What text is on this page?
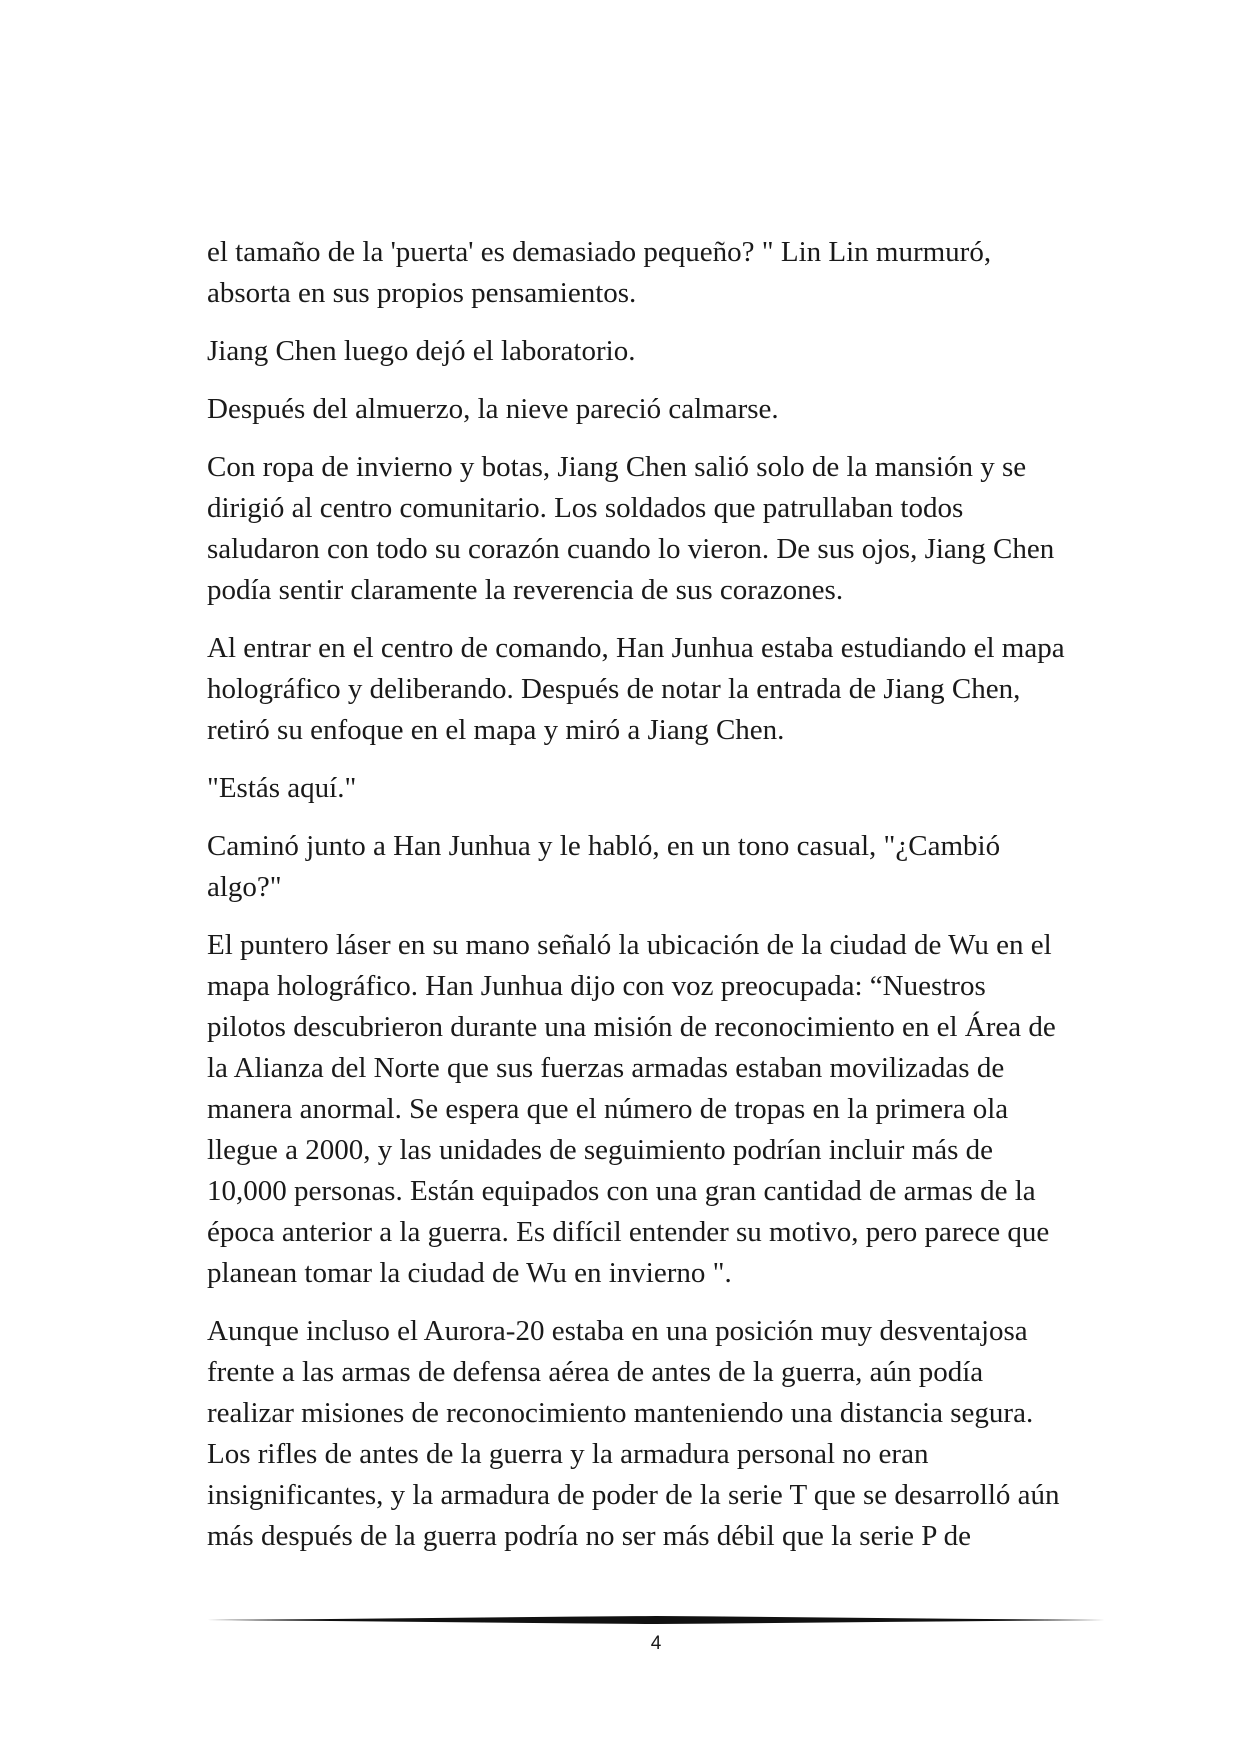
el tamaño de la 'puerta' es demasiado pequeño? " Lin Lin murmuró, absorta en sus propios pensamientos.

Jiang Chen luego dejó el laboratorio.

Después del almuerzo, la nieve pareció calmarse.

Con ropa de invierno y botas, Jiang Chen salió solo de la mansión y se dirigió al centro comunitario. Los soldados que patrullaban todos saludaron con todo su corazón cuando lo vieron. De sus ojos, Jiang Chen podía sentir claramente la reverencia de sus corazones.

Al entrar en el centro de comando, Han Junhua estaba estudiando el mapa holográfico y deliberando. Después de notar la entrada de Jiang Chen, retiró su enfoque en el mapa y miró a Jiang Chen.

"Estás aquí."

Caminó junto a Han Junhua y le habló, en un tono casual, "¿Cambió algo?"

El puntero láser en su mano señaló la ubicación de la ciudad de Wu en el mapa holográfico. Han Junhua dijo con voz preocupada: “Nuestros pilotos descubrieron durante una misión de reconocimiento en el Área de la Alianza del Norte que sus fuerzas armadas estaban movilizadas de manera anormal. Se espera que el número de tropas en la primera ola llegue a 2000, y las unidades de seguimiento podrían incluir más de 10,000 personas. Están equipados con una gran cantidad de armas de la época anterior a la guerra. Es difícil entender su motivo, pero parece que planean tomar la ciudad de Wu en invierno ".

Aunque incluso el Aurora-20 estaba en una posición muy desventajosa frente a las armas de defensa aérea de antes de la guerra, aún podía realizar misiones de reconocimiento manteniendo una distancia segura. Los rifles de antes de la guerra y la armadura personal no eran insignificantes, y la armadura de poder de la serie T que se desarrolló aún más después de la guerra podría no ser más débil que la serie P de

4
